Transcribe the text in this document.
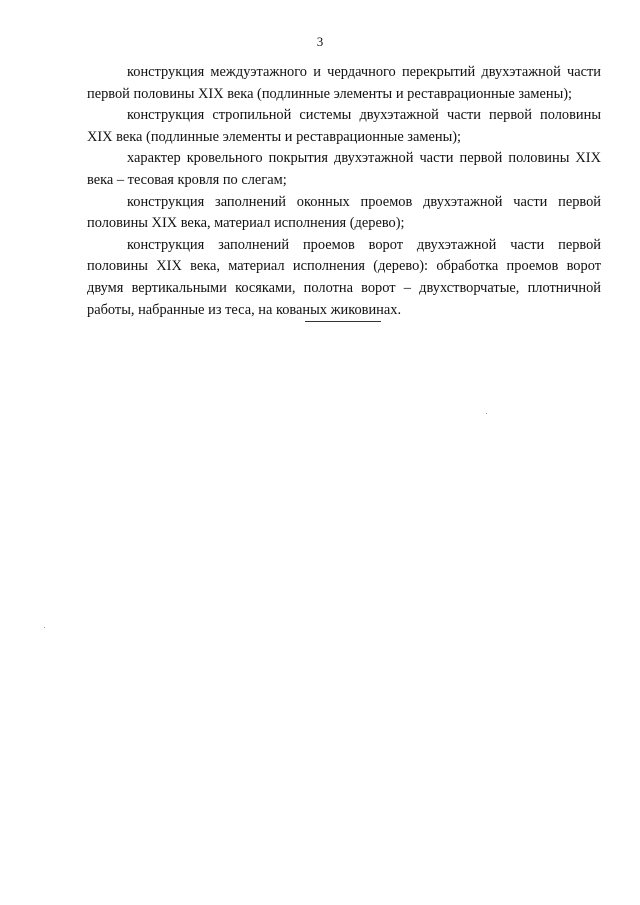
3

конструкция междуэтажного и чердачного перекрытий двухэтажной части первой половины XIX века (подлинные элементы и реставрационные замены);

конструкция стропильной системы двухэтажной части первой половины XIX века (подлинные элементы и реставрационные замены);

характер кровельного покрытия двухэтажной части первой половины XIX века – тесовая кровля по слегам;

конструкция заполнений оконных проемов двухэтажной части первой половины XIX века, материал исполнения (дерево);

конструкция заполнений проемов ворот двухэтажной части первой половины XIX века, материал исполнения (дерево): обработка проемов ворот двумя вертикальными косяками, полотна ворот – двухстворчатые, плотничной работы, набранные из теса, на кованых жиковинах.
